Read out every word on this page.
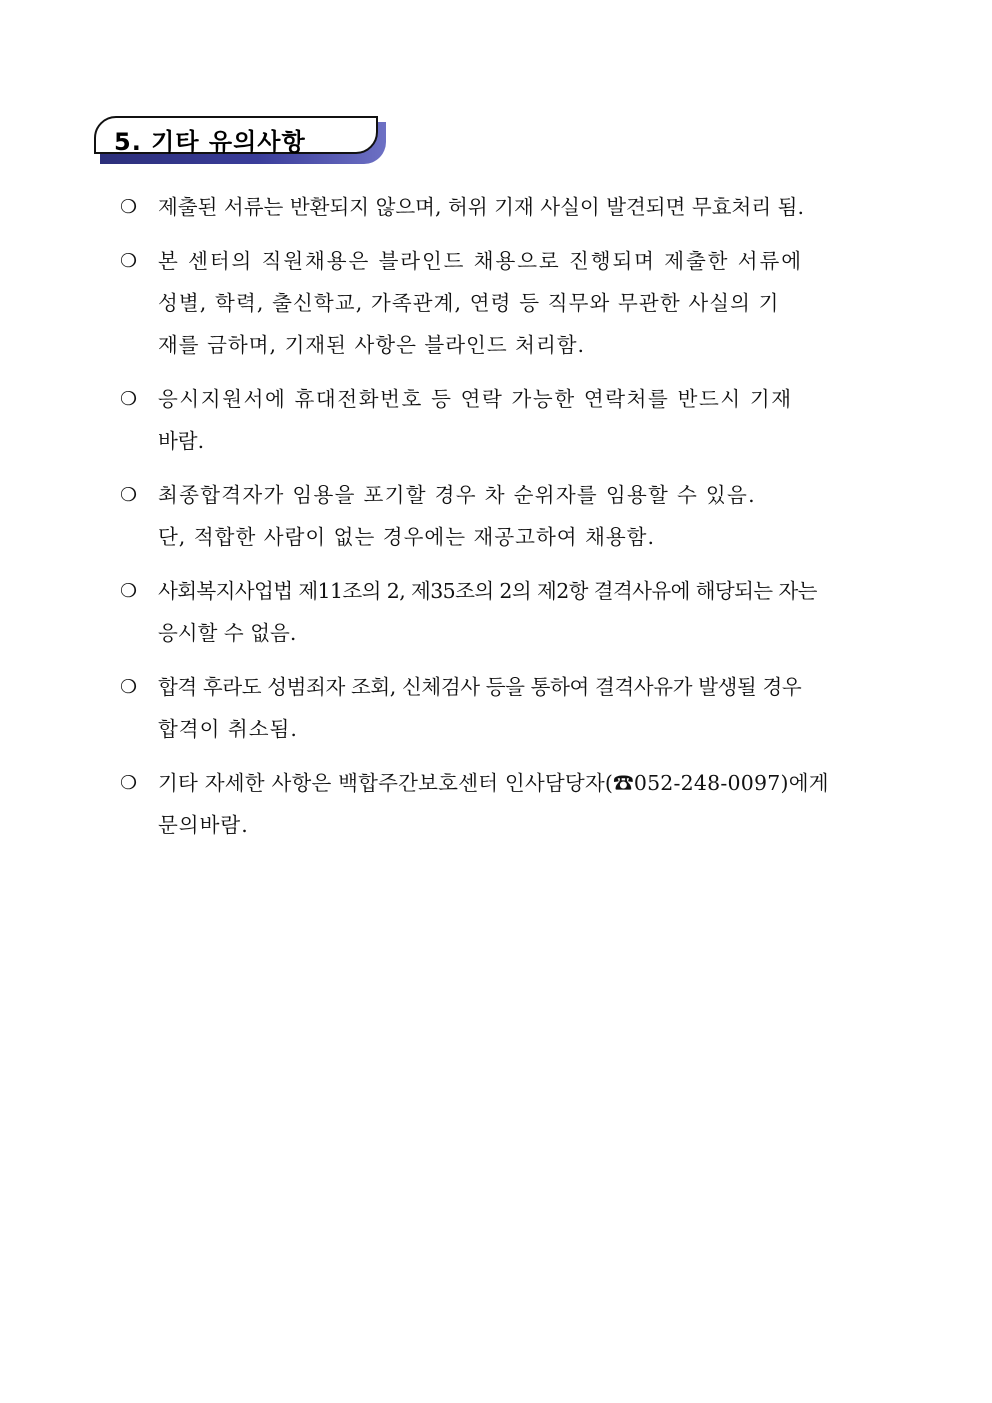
5. 기타 유의사항
❍ 제출된 서류는 반환되지 않으며, 허위 기재 사실이 발견되면 무효처리 됨.
❍ 본 센터의 직원채용은 블라인드 채용으로 진행되며 제출한 서류에
성별, 학력, 출신학교, 가족관계, 연령 등 직무와 무관한 사실의 기
재를 금하며, 기재된 사항은 블라인드 처리함.
❍ 응시지원서에 휴대전화번호 등 연락 가능한 연락처를 반드시 기재
바람.
❍ 최종합격자가 임용을 포기할 경우 차 순위자를 임용할 수 있음.
단, 적합한 사람이 없는 경우에는 재공고하여 채용함.
❍ 사회복지사업법 제11조의 2, 제35조의 2의 제2항 결격사유에 해당되는 자는
응시할 수 없음.
❍ 합격 후라도 성범죄자 조회, 신체검사 등을 통하여 결격사유가 발생될 경우
합격이 취소됨.
❍ 기타 자세한 사항은 백합주간보호센터 인사담당자(☎052-248-0097)에게
문의바람.
